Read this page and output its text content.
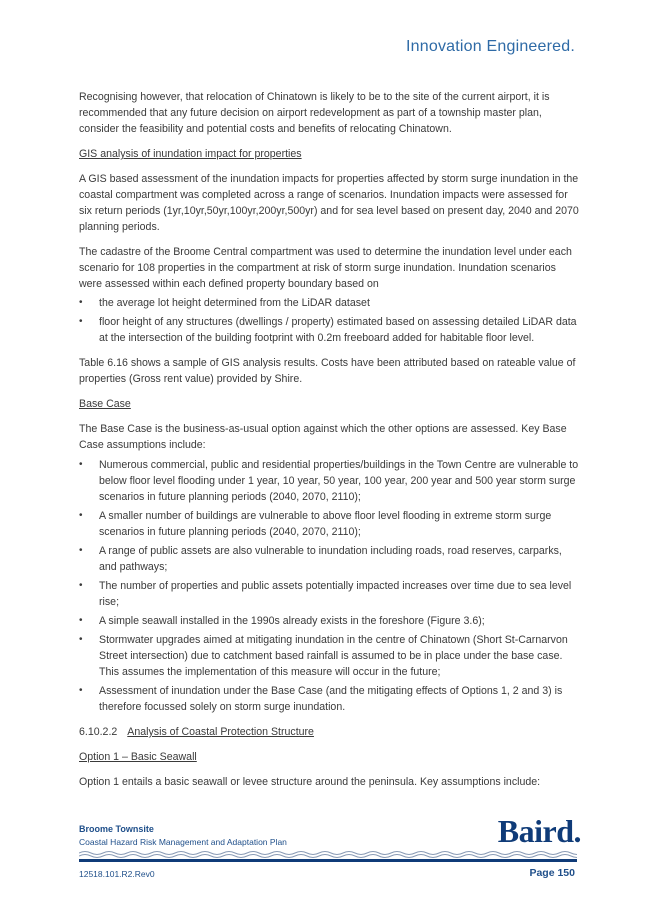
Innovation Engineered.

Recognising however, that relocation of Chinatown is likely to be to the site of the current airport, it is recommended that any future decision on airport redevelopment as part of a township master plan, consider the feasibility and potential costs and benefits of relocating Chinatown.

GIS analysis of inundation impact for properties

A GIS based assessment of the inundation impacts for properties affected by storm surge inundation in the coastal compartment was completed across a range of scenarios. Inundation impacts were assessed for six return periods (1yr,10yr,50yr,100yr,200yr,500yr) and for sea level based on present day, 2040 and 2070 planning periods.

The cadastre of the Broome Central compartment was used to determine the inundation level under each scenario for 108 properties in the compartment at risk of storm surge inundation. Inundation scenarios were assessed within each defined property boundary based on

• the average lot height determined from the LiDAR dataset
• floor height of any structures (dwellings / property) estimated based on assessing detailed LiDAR data at the intersection of the building footprint with 0.2m freeboard added for habitable floor level.

Table 6.16 shows a sample of GIS analysis results. Costs have been attributed based on rateable value of properties (Gross rent value) provided by Shire.

Base Case

The Base Case is the business-as-usual option against which the other options are assessed. Key Base Case assumptions include:

• Numerous commercial, public and residential properties/buildings in the Town Centre are vulnerable to below floor level flooding under 1 year, 10 year, 50 year, 100 year, 200 year and 500 year storm surge scenarios in future planning periods (2040, 2070, 2110);
• A smaller number of buildings are vulnerable to above floor level flooding in extreme storm surge scenarios in future planning periods (2040, 2070, 2110);
• A range of public assets are also vulnerable to inundation including roads, road reserves, carparks, and pathways;
• The number of properties and public assets potentially impacted increases over time due to sea level rise;
• A simple seawall installed in the 1990s already exists in the foreshore (Figure 3.6);
• Stormwater upgrades aimed at mitigating inundation in the centre of Chinatown (Short St-Carnarvon Street intersection) due to catchment based rainfall is assumed to be in place under the base case. This assumes the implementation of this measure will occur in the future;
• Assessment of inundation under the Base Case (and the mitigating effects of Options 1, 2 and 3) is therefore focussed solely on storm surge inundation.

6.10.2.2 Analysis of Coastal Protection Structure

Option 1 – Basic Seawall

Option 1 entails a basic seawall or levee structure around the peninsula. Key assumptions include:

Broome Townsite
Coastal Hazard Risk Management and Adaptation Plan	Baird.
12518.101.R2.Rev0	Page 150
